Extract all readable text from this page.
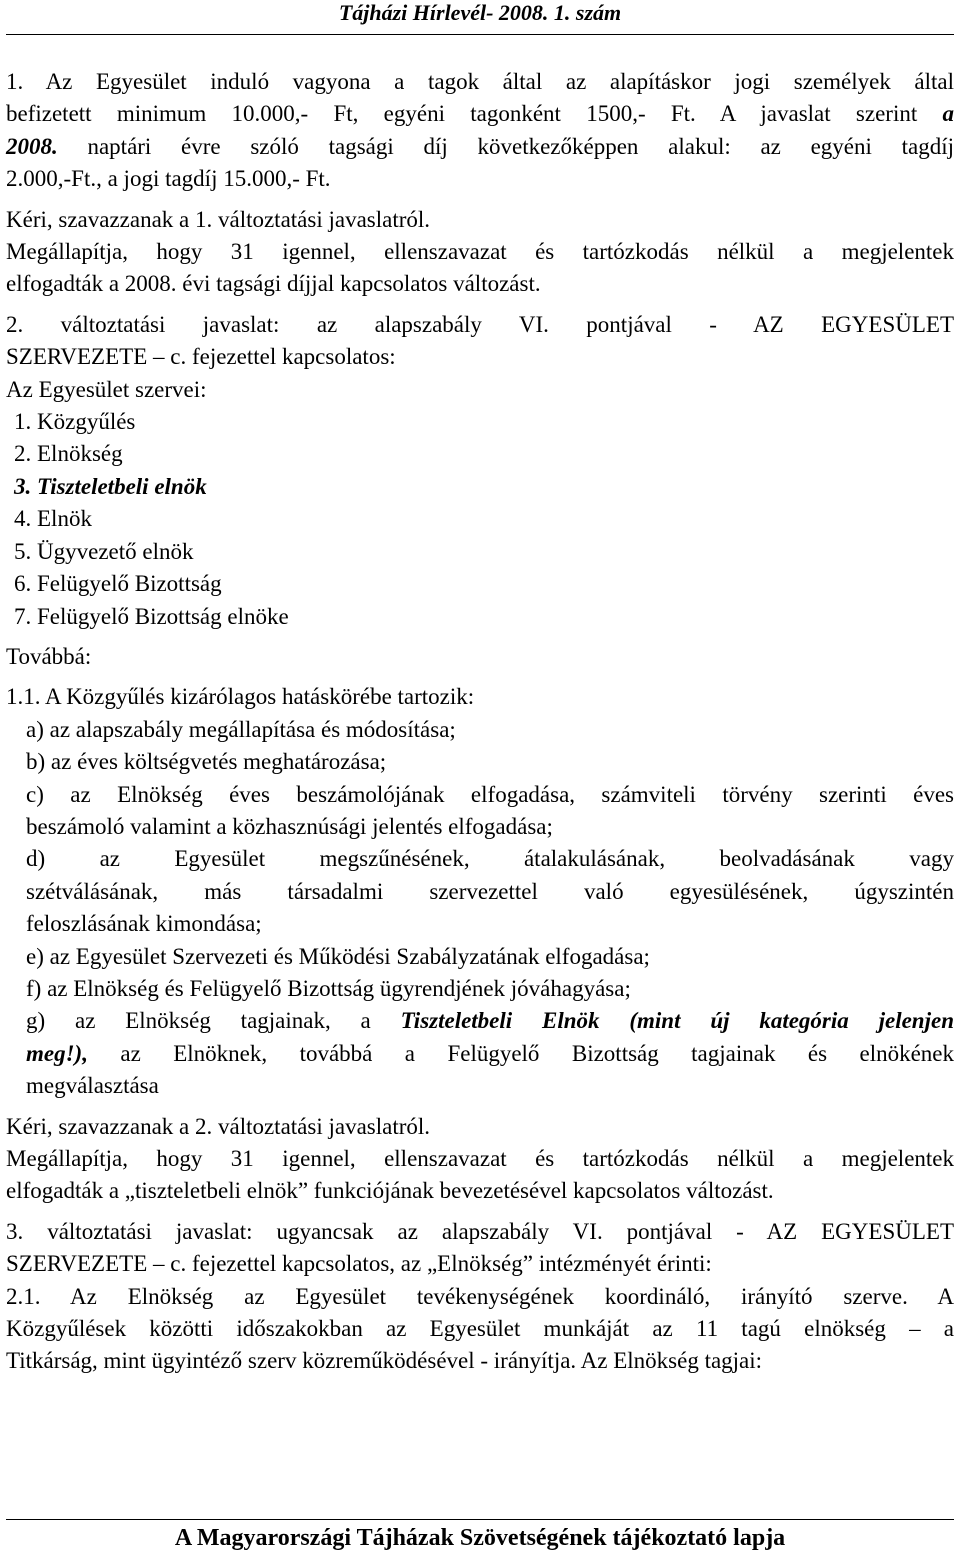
Tájházi Hírlevél- 2008. 1. szám

1. Az Egyesület induló vagyona a tagok által az alapításkor jogi személyek által

befizetett minimum 10.000,- Ft, egyéni tagonként 1500,- Ft. A javaslat szerint a

2008. naptári évre szóló tagsági díj következőképpen alakul: az egyéni tagdíj

2.000,-Ft., a jogi tagdíj 15.000,- Ft.

Kéri, szavazzanak a 1. változtatási javaslatról.

Megállapítja, hogy 31 igennel, ellenszavazat és tartózkodás nélkül a megjelentek

elfogadták a 2008. évi tagsági díjjal kapcsolatos változást.

2. változtatási javaslat: az alapszabály VI. pontjával - AZ EGYESÜLET

SZERVEZETE – c. fejezettel kapcsolatos:

Az Egyesület szervei:

1. Közgyűlés

2. Elnökség

3. Tiszteletbeli elnök

4. Elnök

5. Ügyvezető elnök

6. Felügyelő Bizottság

7. Felügyelő Bizottság elnöke

Továbbá:

1.1. A Közgyűlés kizárólagos hatáskörébe tartozik:

a) az alapszabály megállapítása és módosítása;

b) az éves költségvetés meghatározása;

c) az Elnökség éves beszámolójának elfogadása, számviteli törvény szerinti éves

beszámoló valamint a közhasznúsági jelentés elfogadása;

d) az Egyesület megszűnésének, átalakulásának, beolvadásának vagy

szétválásának, más társadalmi szervezettel való egyesülésének, úgyszintén

feloszlásának kimondása;

e) az Egyesület Szervezeti és Működési Szabályzatának elfogadása;

f) az Elnökség és Felügyelő Bizottság ügyrendjének jóváhagyása;

g) az Elnökség tagjainak, a Tiszteletbeli Elnök (mint új kategória jelenjen

meg!), az Elnöknek, továbbá a Felügyelő Bizottság tagjainak és elnökének

megválasztása

Kéri, szavazzanak a 2. változtatási javaslatról.

Megállapítja, hogy 31 igennel, ellenszavazat és tartózkodás nélkül a megjelentek

elfogadták a „tiszteletbeli elnök” funkciójának bevezetésével kapcsolatos változást.

3. változtatási javaslat: ugyancsak az alapszabály VI. pontjával - AZ EGYESÜLET

SZERVEZETE – c. fejezettel kapcsolatos, az „Elnökség” intézményét érinti:

2.1. Az Elnökség az Egyesület tevékenységének koordináló, irányító szerve. A

Közgyűlések közötti időszakokban az Egyesület munkáját az 11 tagú elnökség – a

Titkárság, mint ügyintéző szerv közreműködésével - irányítja. Az Elnökség tagjai:

A Magyarországi Tájházak Szövetségének tájékoztató lapja
